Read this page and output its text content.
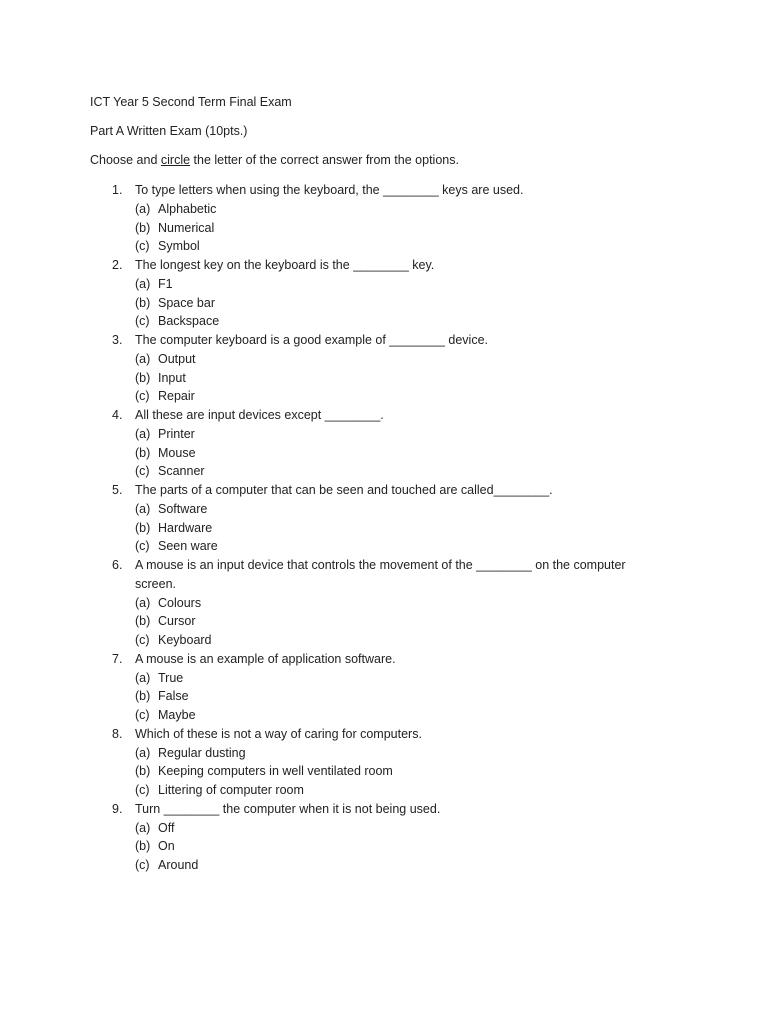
ICT Year 5 Second Term Final Exam
Part A Written Exam (10pts.)
Choose and circle the letter of the correct answer from the options.
1. To type letters when using the keyboard, the ________ keys are used.
(a) Alphabetic
(b) Numerical
(c) Symbol
2. The longest key on the keyboard is the ________ key.
(a) F1
(b) Space bar
(c) Backspace
3. The computer keyboard is a good example of ________ device.
(a) Output
(b) Input
(c) Repair
4. All these are input devices except ________.
(a) Printer
(b) Mouse
(c) Scanner
5. The parts of a computer that can be seen and touched are called________.
(a) Software
(b) Hardware
(c) Seen ware
6. A mouse is an input device that controls the movement of the ________ on the computer screen.
(a) Colours
(b) Cursor
(c) Keyboard
7. A mouse is an example of application software.
(a) True
(b) False
(c) Maybe
8. Which of these is not a way of caring for computers.
(a) Regular dusting
(b) Keeping computers in well ventilated room
(c) Littering of computer room
9. Turn ________ the computer when it is not being used.
(a) Off
(b) On
(c) Around
